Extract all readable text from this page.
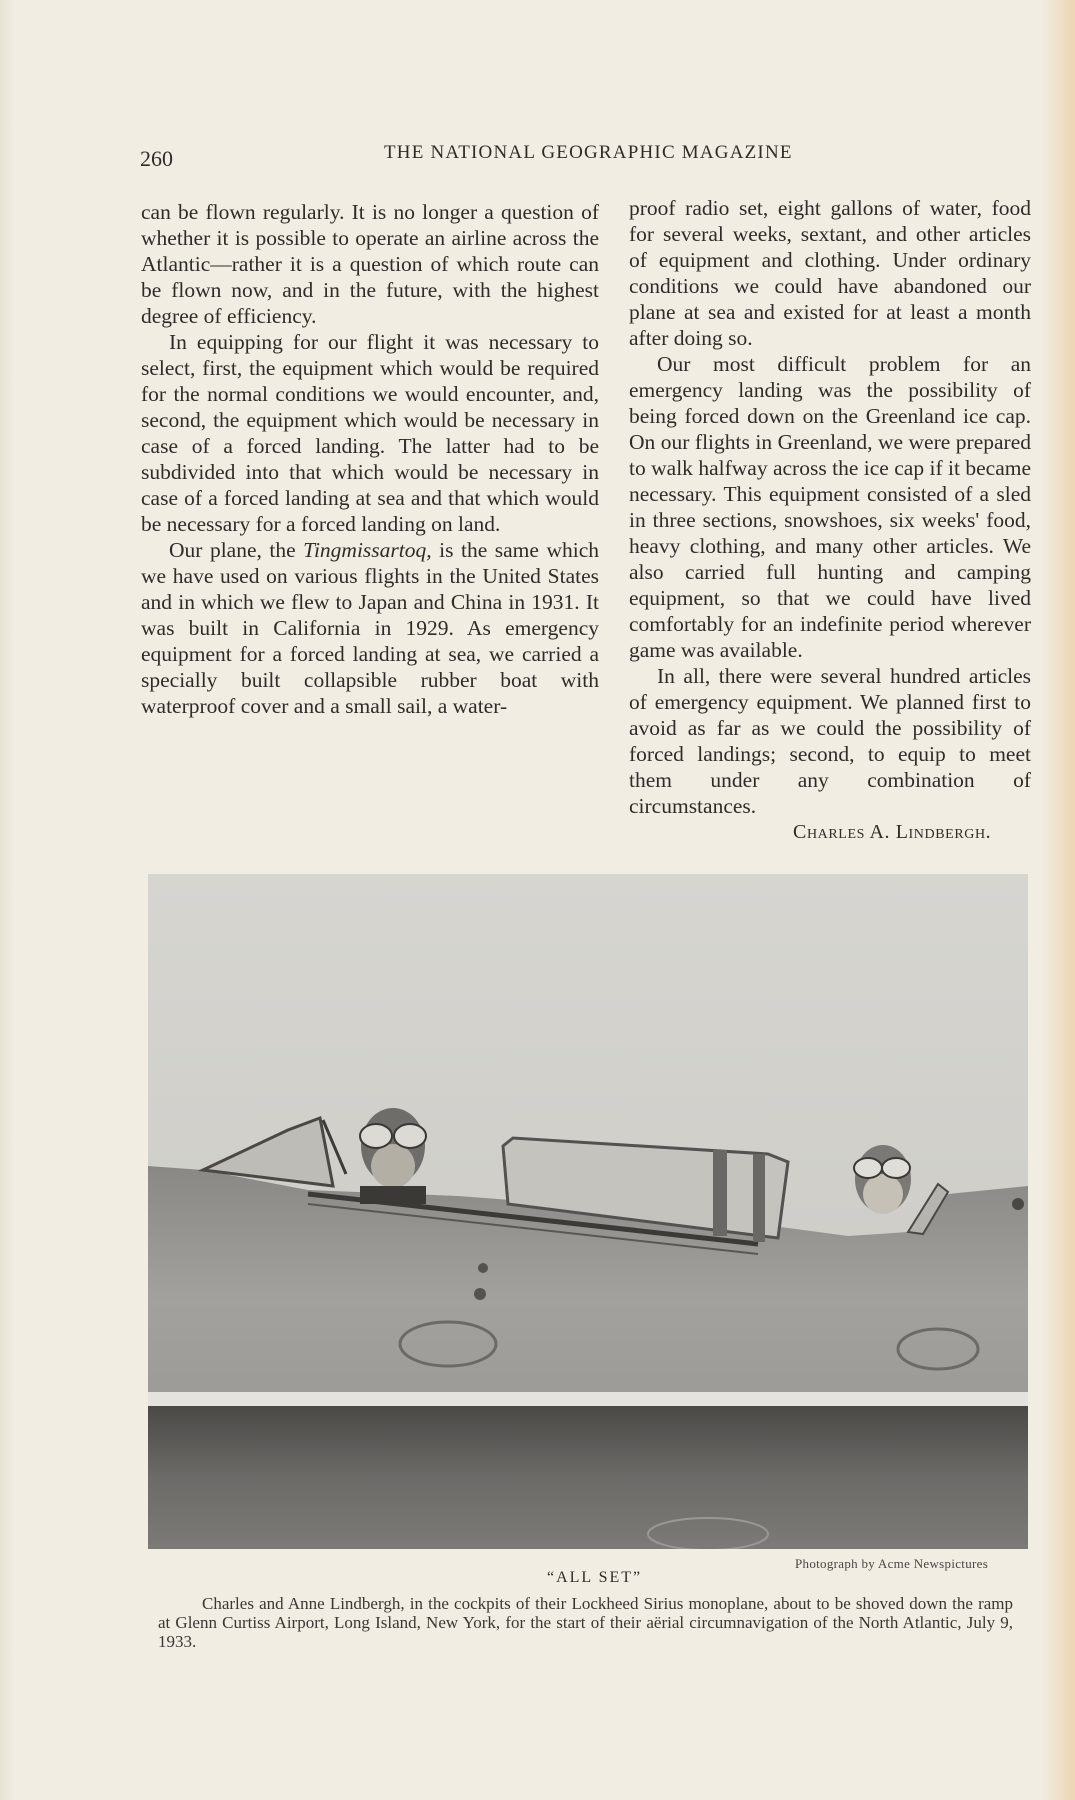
260	THE NATIONAL GEOGRAPHIC MAGAZINE

can be flown regularly. It is no longer a question of whether it is possible to operate an airline across the Atlantic—rather it is a question of which route can be flown now, and in the future, with the highest degree of efficiency.

In equipping for our flight it was necessary to select, first, the equipment which would be required for the normal conditions we would encounter, and, second, the equipment which would be necessary in case of a forced landing. The latter had to be subdivided into that which would be necessary in case of a forced landing at sea and that which would be necessary for a forced landing on land.

Our plane, the Tingmissartoq, is the same which we have used on various flights in the United States and in which we flew to Japan and China in 1931. It was built in California in 1929. As emergency equipment for a forced landing at sea, we carried a specially built collapsible rubber boat with waterproof cover and a small sail, a water-

proof radio set, eight gallons of water, food for several weeks, sextant, and other articles of equipment and clothing. Under ordinary conditions we could have abandoned our plane at sea and existed for at least a month after doing so.

Our most difficult problem for an emergency landing was the possibility of being forced down on the Greenland ice cap. On our flights in Greenland, we were prepared to walk halfway across the ice cap if it became necessary. This equipment consisted of a sled in three sections, snowshoes, six weeks' food, heavy clothing, and many other articles. We also carried full hunting and camping equipment, so that we could have lived comfortably for an indefinite period wherever game was available.

In all, there were several hundred articles of emergency equipment. We planned first to avoid as far as we could the possibility of forced landings; second, to equip to meet them under any combination of circumstances.

Charles A. Lindbergh.
Photograph by Acme Newspictures
“ALL SET”
Charles and Anne Lindbergh, in the cockpits of their Lockheed Sirius monoplane, about to be shoved down the ramp at Glenn Curtiss Airport, Long Island, New York, for the start of their aërial circumnavigation of the North Atlantic, July 9, 1933.
